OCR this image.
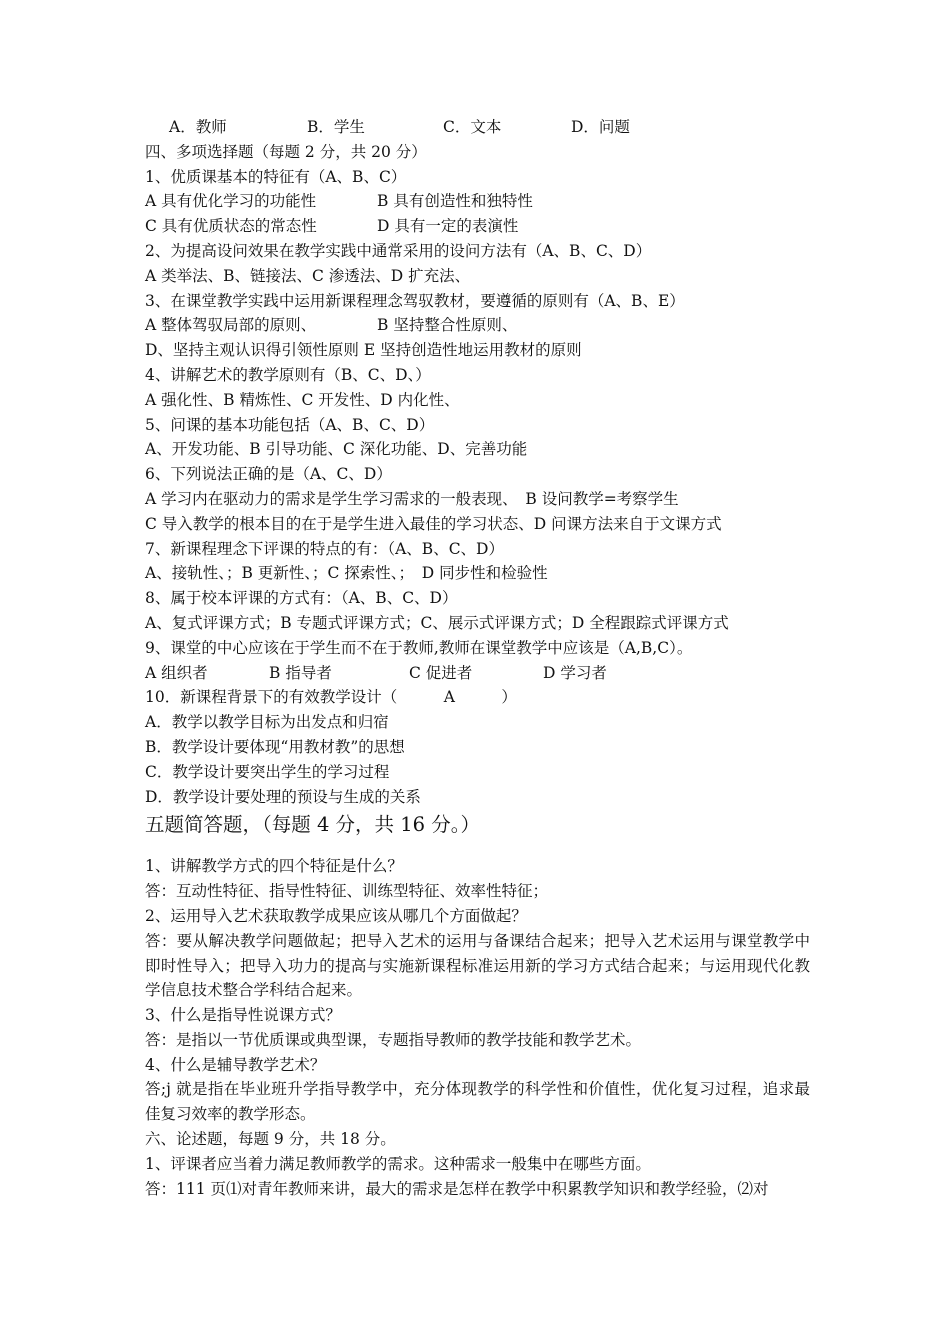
A．教师	B．学生	C．文本	D．问题
四、多项选择题（每题 2 分，共 20 分）
1、优质课基本的特征有（A、B、C）
A 具有优化学习的功能性	B 具有创造性和独特性
C 具有优质状态的常态性	D 具有一定的表演性
2、为提高设问效果在教学实践中通常采用的设问方法有（A、B、C、D）
A 类举法、B、链接法、C 渗透法、D 扩充法、
3、在课堂教学实践中运用新课程理念驾驭教材，要遵循的原则有（A、B、E）
A 整体驾驭局部的原则、	B 坚持整合性原则、
D、坚持主观认识得引领性原则 E 坚持创造性地运用教材的原则
4、讲解艺术的教学原则有（B、C、D、）
A 强化性、B 精炼性、C 开发性、D 内化性、
5、问课的基本功能包括（A、B、C、D）
A、开发功能、B 引导功能、C 深化功能、D、完善功能
6、下列说法正确的是（A、C、D）
A 学习内在驱动力的需求是学生学习需求的一般表现、　B 设问教学=考察学生
C 导入教学的根本目的在于是学生进入最佳的学习状态、D 问课方法来自于文课方式
7、新课程理念下评课的特点的有：（A、B、C、D）
A、接轨性、；B 更新性、；C 探索性、；　D 同步性和检验性
8、属于校本评课的方式有：（A、B、C、D）
A、复式评课方式；B 专题式评课方式；C、展示式评课方式；D 全程跟踪式评课方式
9、课堂的中心应该在于学生而不在于教师,教师在课堂教学中应该是（A,B,C）。
A 组织者	B 指导者	C 促进者	D 学习者
10．新课程背景下的有效教学设计（　　　A　　　）
A．教学以教学目标为出发点和归宿
B．教学设计要体现“用教材教”的思想
C．教学设计要突出学生的学习过程
D．教学设计要处理的预设与生成的关系
五题简答题，（每题 4 分，共 16 分。）
1、讲解教学方式的四个特征是什么？
答：互动性特征、指导性特征、训练型特征、效率性特征；
2、运用导入艺术获取教学成果应该从哪几个方面做起？
答：要从解决教学问题做起；把导入艺术的运用与备课结合起来；把导入艺术运用与课堂教学中即时性导入；把导入功力的提高与实施新课程标准运用新的学习方式结合起来；与运用现代化教学信息技术整合学科结合起来。
3、什么是指导性说课方式？
答：是指以一节优质课或典型课，专题指导教师的教学技能和教学艺术。
4、什么是辅导教学艺术？
答;j 就是指在毕业班升学指导教学中，充分体现教学的科学性和价值性，优化复习过程，追求最佳复习效率的教学形态。
六、论述题，每题 9 分，共 18 分。
1、评课者应当着力满足教师教学的需求。这种需求一般集中在哪些方面。
答：111 页⑴对青年教师来讲，最大的需求是怎样在教学中积累教学知识和教学经验，⑵对
